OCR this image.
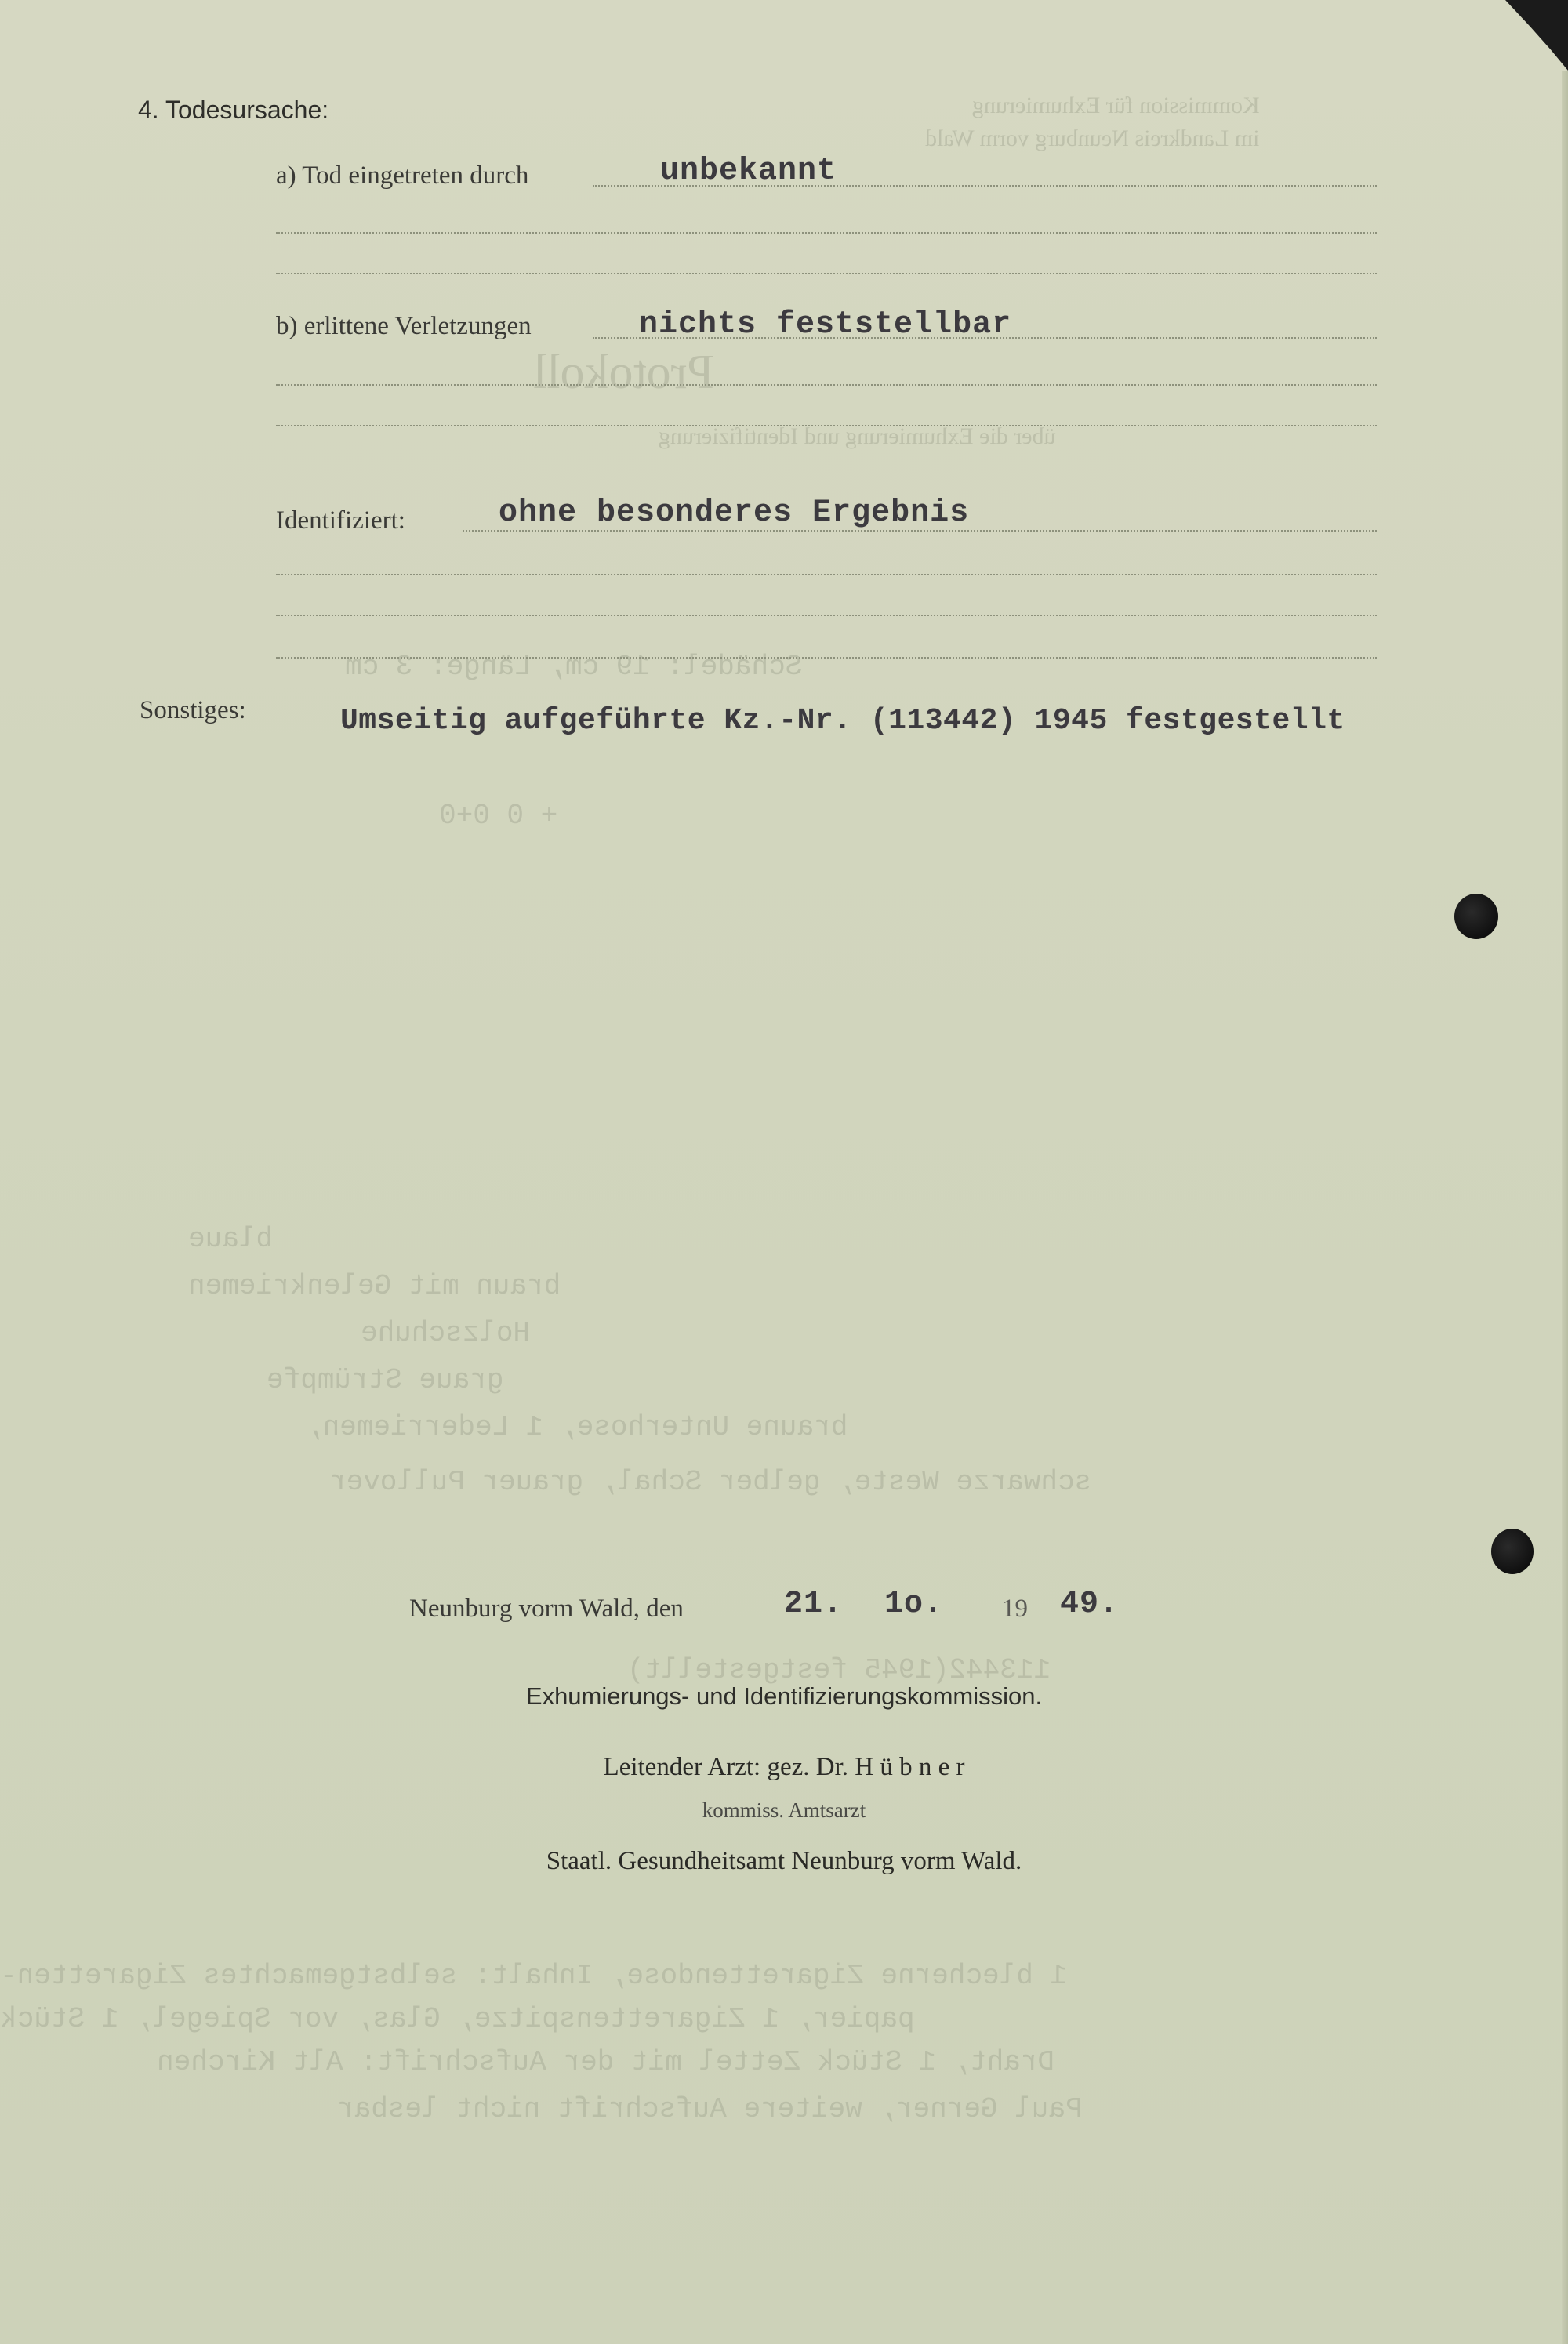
Kommission für Exhumierung
im Landkreis Neunburg vorm Wald
Protokoll
über die Exhumierung und Identifizierung
Schädel: 19 cm, Länge: 3 cm
+ 0 0+0
blaue
braun mit Gelenkriemen
Holzschuhe
graue Strümpfe
braune Unterhose, 1 Lederriemen,
schwarze Weste, gelber Schal, grauer Pullover
113442(1945 festgestellt)
1 blecherne Zigarettendose, Inhalt: selbstgemachtes Zigaretten-
papier, 1 Zigarettenspitze, Glas, vor Spiegel, 1 Stück
Draht, 1 Stück Zettel mit der Aufschrift: Alt Kirchen
Paul Gerner, weitere Aufschrift nicht lesbar
4. Todesursache:
a) Tod eingetreten durch	unbekannt
b) erlittene Verletzungen	nichts feststellbar
Identifiziert:	ohne besonderes Ergebnis
Sonstiges:	Umseitig aufgeführte Kz.-Nr. (113442) 1945 festgestellt
Neunburg vorm Wald, den	21. 1o. 19 49.
Exhumierungs- und Identifizierungskommission.
Leitender Arzt: gez. Dr. H ü b n e r
kommiss. Amtsarzt
Staatl. Gesundheitsamt Neunburg vorm Wald.
